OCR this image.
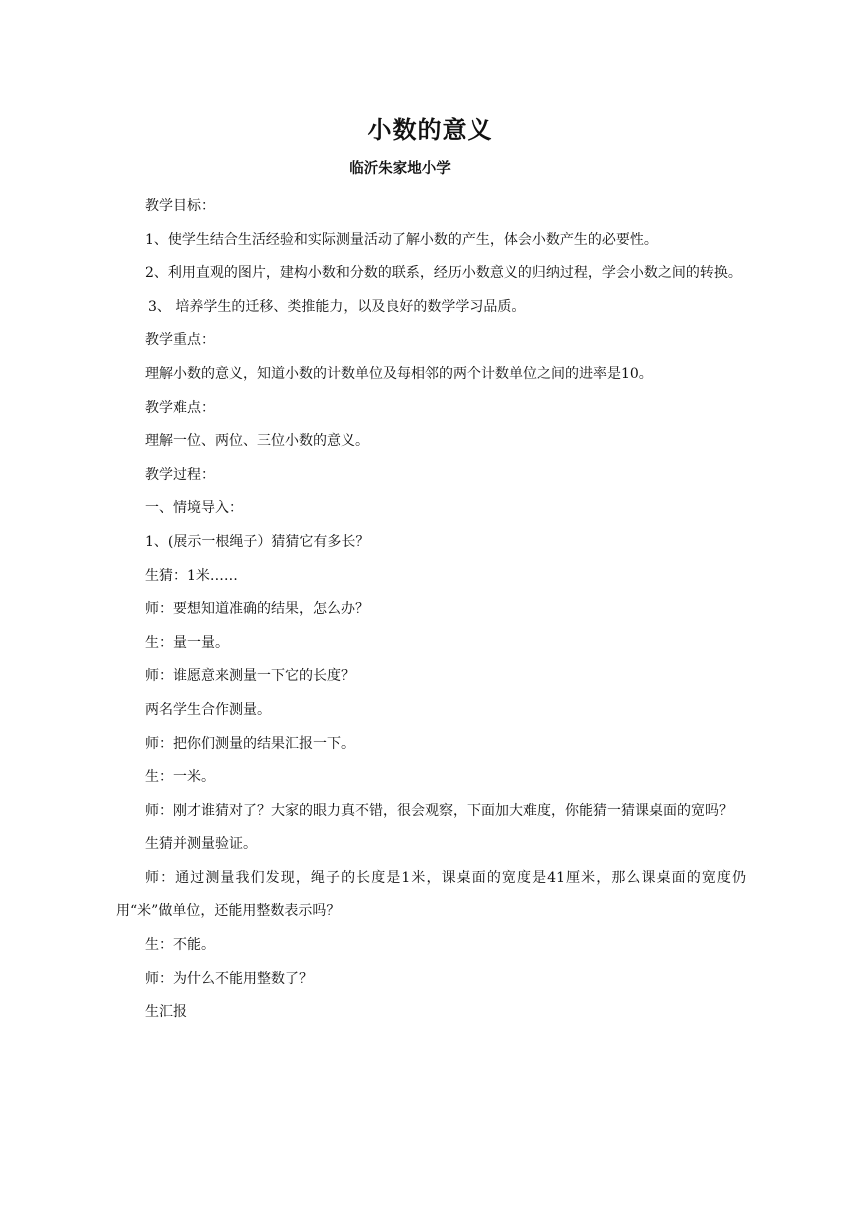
小数的意义
临沂朱家地小学

教学目标：

1、使学生结合生活经验和实际测量活动了解小数的产生，体会小数产生的必要性。

2、利用直观的图片，建构小数和分数的联系，经历小数意义的归纳过程，学会小数之间的转换。

3、 培养学生的迁移、类推能力，以及良好的数学学习品质。

教学重点：

理解小数的意义，知道小数的计数单位及每相邻的两个计数单位之间的进率是10。

教学难点：

理解一位、两位、三位小数的意义。

教学过程：

一、情境导入：

1、(展示一根绳子）猜猜它有多长？

生猜：1米……

师：要想知道准确的结果，怎么办？

生：量一量。

师：谁愿意来测量一下它的长度？

两名学生合作测量。

师：把你们测量的结果汇报一下。

生：一米。

师：刚才谁猜对了？大家的眼力真不错，很会观察，下面加大难度，你能猜一猜课桌面的宽吗？

生猜并测量验证。

师：通过测量我们发现，绳子的长度是1米，课桌面的宽度是41厘米，那么课桌面的宽度仍用“米”做单位，还能用整数表示吗？

生：不能。

师：为什么不能用整数了？

生汇报
